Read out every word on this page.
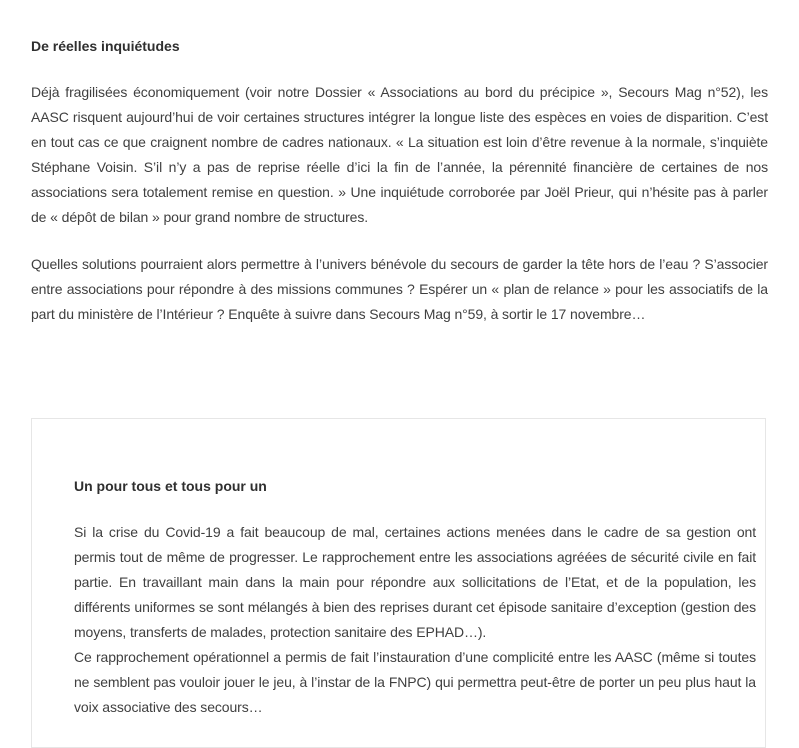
De réelles inquiétudes

Déjà fragilisées économiquement (voir notre Dossier « Associations au bord du précipice », Secours Mag n°52), les AASC risquent aujourd’hui de voir certaines structures intégrer la longue liste des espèces en voies de disparition. C’est en tout cas ce que craignent nombre de cadres nationaux. « La situation est loin d’être revenue à la normale, s’inquiète Stéphane Voisin. S’il n’y a pas de reprise réelle d’ici la fin de l’année, la pérennité financière de certaines de nos associations sera totalement remise en question. » Une inquiétude corroborée par Joël Prieur, qui n’hésite pas à parler de « dépôt de bilan » pour grand nombre de structures.

Quelles solutions pourraient alors permettre à l’univers bénévole du secours de garder la tête hors de l’eau ? S’associer entre associations pour répondre à des missions communes ? Espérer un « plan de relance » pour les associatifs de la part du ministère de l’Intérieur ? Enquête à suivre dans Secours Mag n°59, à sortir le 17 novembre…

Un pour tous et tous pour un

Si la crise du Covid-19 a fait beaucoup de mal, certaines actions menées dans le cadre de sa gestion ont permis tout de même de progresser. Le rapprochement entre les associations agréées de sécurité civile en fait partie. En travaillant main dans la main pour répondre aux sollicitations de l’Etat, et de la population, les différents uniformes se sont mélangés à bien des reprises durant cet épisode sanitaire d’exception (gestion des moyens, transferts de malades, protection sanitaire des EPHAD…).

Ce rapprochement opérationnel a permis de fait l’instauration d’une complicité entre les AASC (même si toutes ne semblent pas vouloir jouer le jeu, à l’instar de la FNPC) qui permettra peut-être de porter un peu plus haut la voix associative des secours…
